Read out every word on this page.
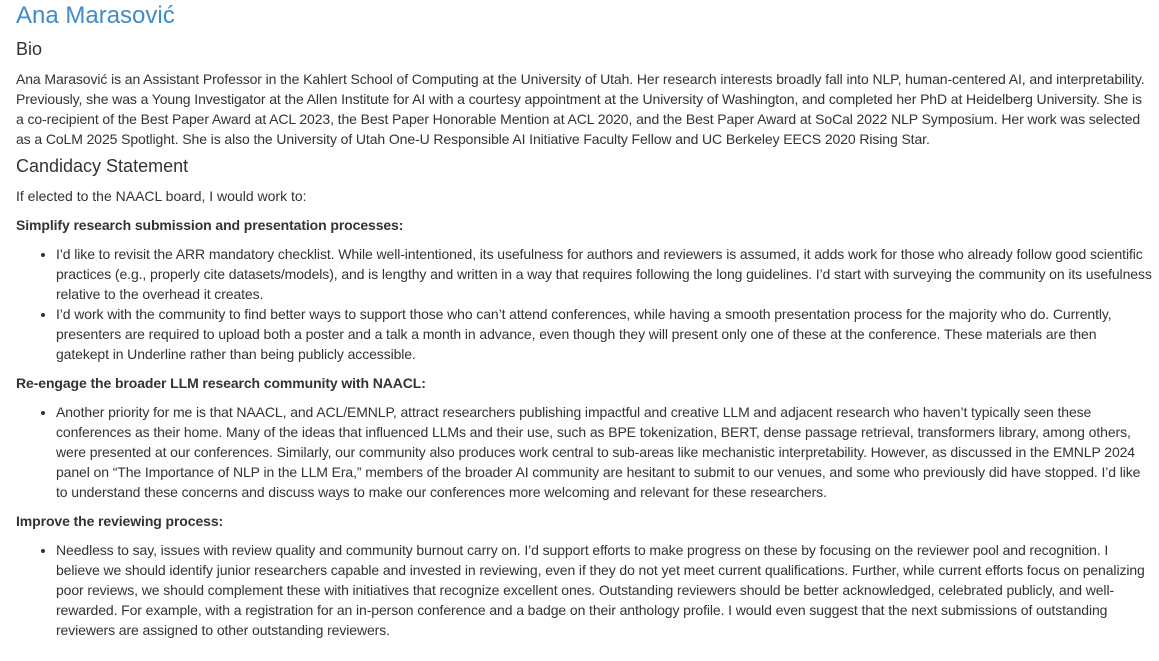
Ana Marasović
Bio

Ana Marasović is an Assistant Professor in the Kahlert School of Computing at the University of Utah. Her research interests broadly fall into NLP, human-centered AI, and interpretability. Previously, she was a Young Investigator at the Allen Institute for AI with a courtesy appointment at the University of Washington, and completed her PhD at Heidelberg University. She is a co-recipient of the Best Paper Award at ACL 2023, the Best Paper Honorable Mention at ACL 2020, and the Best Paper Award at SoCal 2022 NLP Symposium. Her work was selected as a CoLM 2025 Spotlight. She is also the University of Utah One-U Responsible AI Initiative Faculty Fellow and UC Berkeley EECS 2020 Rising Star.

Candidacy Statement

If elected to the NAACL board, I would work to:

Simplify research submission and presentation processes:

• I’d like to revisit the ARR mandatory checklist. While well-intentioned, its usefulness for authors and reviewers is assumed, it adds work for those who already follow good scientific practices (e.g., properly cite datasets/models), and is lengthy and written in a way that requires following the long guidelines. I’d start with surveying the community on its usefulness relative to the overhead it creates.
• I’d work with the community to find better ways to support those who can’t attend conferences, while having a smooth presentation process for the majority who do. Currently, presenters are required to upload both a poster and a talk a month in advance, even though they will present only one of these at the conference. These materials are then gatekept in Underline rather than being publicly accessible.

Re-engage the broader LLM research community with NAACL:

• Another priority for me is that NAACL, and ACL/EMNLP, attract researchers publishing impactful and creative LLM and adjacent research who haven’t typically seen these conferences as their home. Many of the ideas that influenced LLMs and their use, such as BPE tokenization, BERT, dense passage retrieval, transformers library, among others, were presented at our conferences. Similarly, our community also produces work central to sub-areas like mechanistic interpretability. However, as discussed in the EMNLP 2024 panel on “The Importance of NLP in the LLM Era,” members of the broader AI community are hesitant to submit to our venues, and some who previously did have stopped. I’d like to understand these concerns and discuss ways to make our conferences more welcoming and relevant for these researchers.

Improve the reviewing process:

• Needless to say, issues with review quality and community burnout carry on. I’d support efforts to make progress on these by focusing on the reviewer pool and recognition. I believe we should identify junior researchers capable and invested in reviewing, even if they do not yet meet current qualifications. Further, while current efforts focus on penalizing poor reviews, we should complement these with initiatives that recognize excellent ones. Outstanding reviewers should be better acknowledged, celebrated publicly, and well-rewarded. For example, with a registration for an in-person conference and a badge on their anthology profile. I would even suggest that the next submissions of outstanding reviewers are assigned to other outstanding reviewers.
